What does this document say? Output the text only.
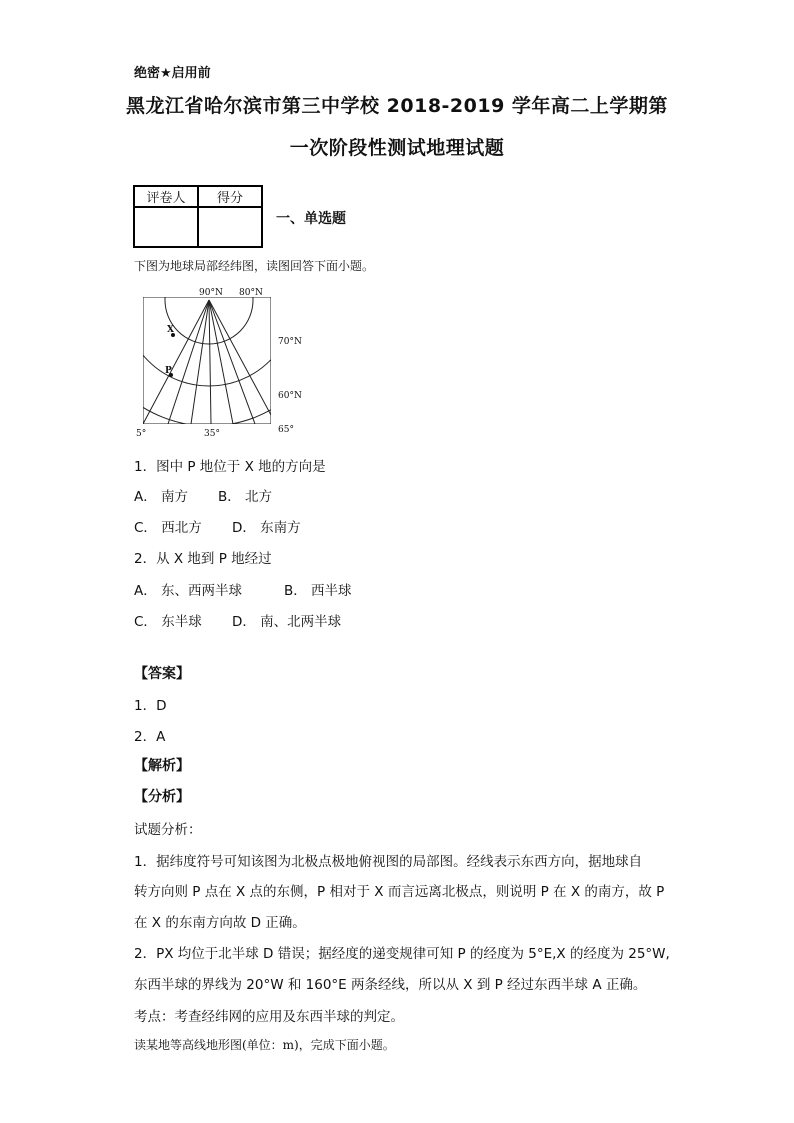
绝密★启用前
黑龙江省哈尔滨市第三中学校 2018-2019 学年高二上学期第
一次阶段性测试地理试题
评卷人	得分

一、单选题
下图为地球局部经纬图，读图回答下面小题。
90°N 80°N
70°N
60°N
5°	35°	65°
X
P
1．图中 P 地位于 X 地的方向是
A． 南方 B． 北方
C． 西北方 D． 东南方
2．从 X 地到 P 地经过
A． 东、西两半球	B． 西半球
C． 东半球 D． 南、北两半球
【答案】
1．D
2．A
【解析】
【分析】
试题分析：
1．据纬度符号可知该图为北极点极地俯视图的局部图。经线表示东西方向，据地球自
转方向则 P 点在 X 点的东侧，P 相对于 X 而言远离北极点，则说明 P 在 X 的南方，故 P
在 X 的东南方向故 D 正确。
2．PX 均位于北半球 D 错误；据经度的递变规律可知 P 的经度为 5°E,X 的经度为 25°W,
东西半球的界线为 20°W 和 160°E 两条经线，所以从 X 到 P 经过东西半球 A 正确。
考点：考查经纬网的应用及东西半球的判定。
读某地等高线地形图(单位：m)，完成下面小题。
